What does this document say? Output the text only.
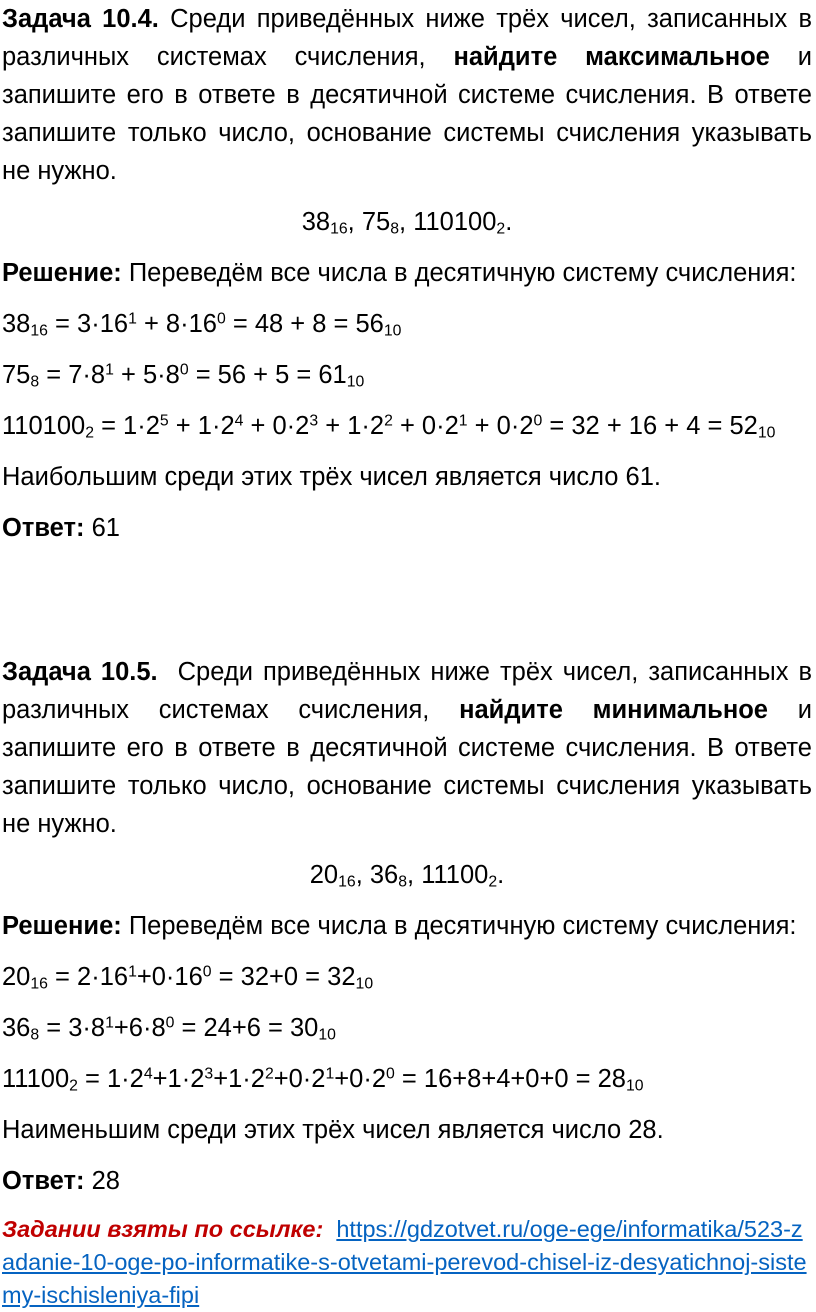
Задача 10.4. Среди приведённых ниже трёх чисел, записанных в различных системах счисления, найдите максимальное и запишите его в ответе в десятичной системе счисления. В ответе запишите только число, основание системы счисления указывать не нужно.

$38_{16}$, $75_8$, $110100_2$.

Решение: Переведём все числа в десятичную систему счисления:

$38_{16} = 3\cdot 16^1 + 8\cdot 16^0 = 48 + 8 = 56_{10}$

$75_8 = 7\cdot 8^1 + 5\cdot 8^0 = 56 + 5 = 61_{10}$

$110100_2 = 1\cdot 2^5 + 1\cdot 2^4 + 0\cdot 2^3 + 1\cdot 2^2 + 0\cdot 2^1 + 0\cdot 2^0 = 32 + 16 + 4 = 52_{10}$

Наибольшим среди этих трёх чисел является число 61.

Ответ: 61

Задача 10.5. Среди приведённых ниже трёх чисел, записанных в различных системах счисления, найдите минимальное и запишите его в ответе в десятичной системе счисления. В ответе запишите только число, основание системы счисления указывать не нужно.

$20_{16}$, $36_8$, $11100_2$.

Решение: Переведём все числа в десятичную систему счисления:

$20_{16} = 2\cdot 16^1+0\cdot 16^0 = 32+0 = 32_{10}$

$36_8 = 3\cdot 8^1+6\cdot 8^0 = 24+6 = 30_{10}$

$11100_2 = 1\cdot 2^4+1\cdot 2^3+1\cdot 2^2+0\cdot 2^1+0\cdot 2^0 = 16+8+4+0+0 = 28_{10}$

Наименьшим среди этих трёх чисел является число 28.

Ответ: 28

Задании взяты по ссылке: https://gdzotvet.ru/oge-ege/informatika/523-zadanie-10-oge-po-informatike-s-otvetami-perevod-chisel-iz-desyatichnoj-sistemy-ischisleniya-fipi
